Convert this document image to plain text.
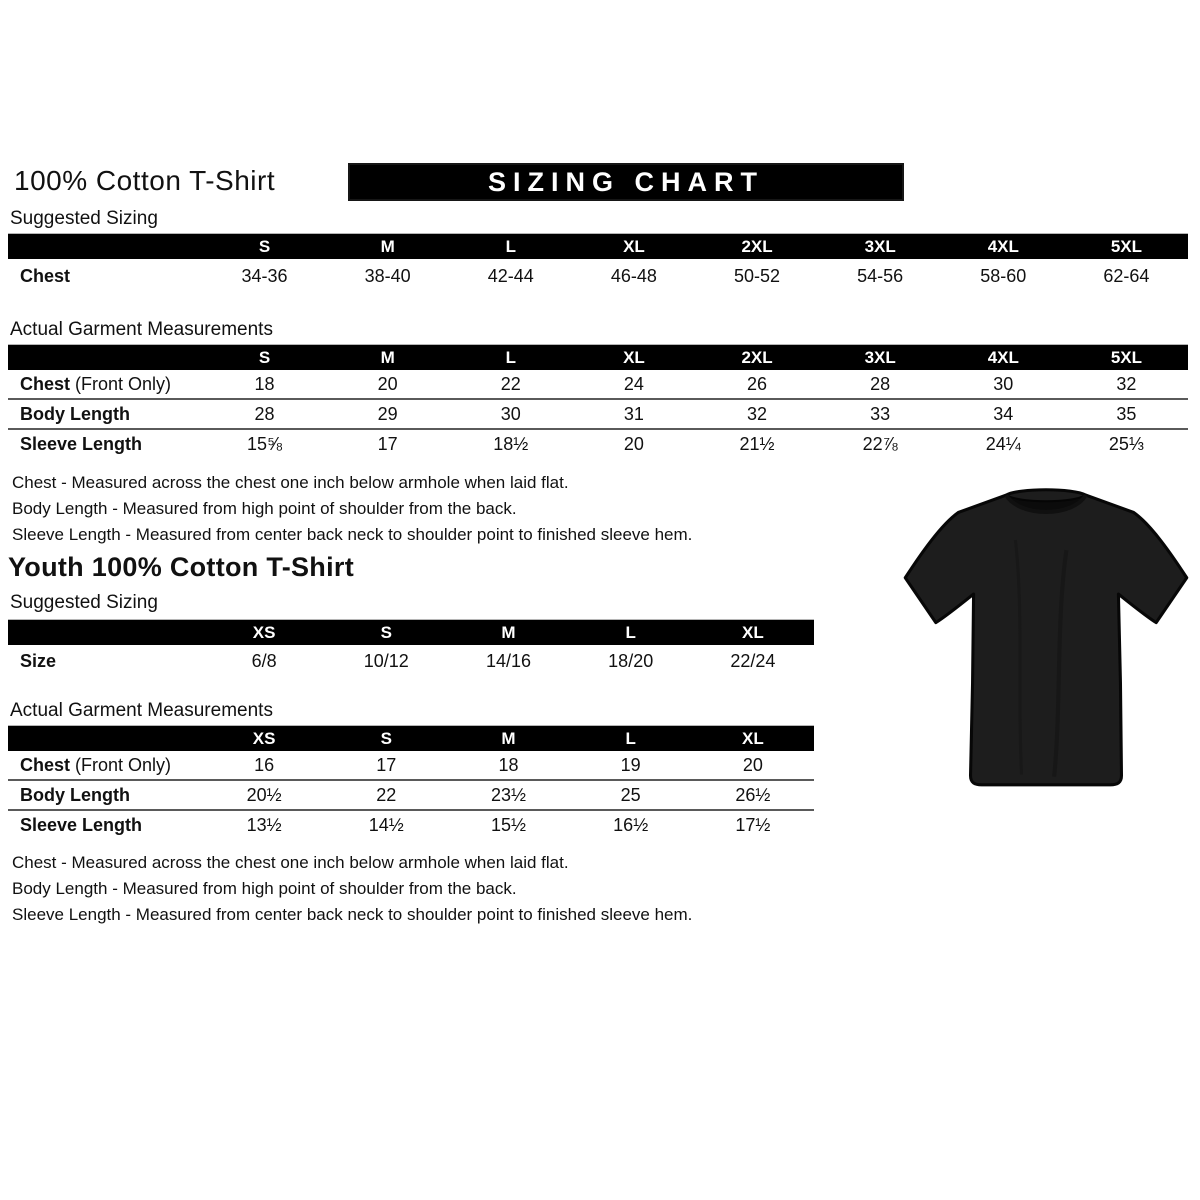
100% Cotton T-Shirt	SIZING CHART

Suggested Sizing

S	M	L	XL	2XL	3XL	4XL	5XL
Chest	34-36	38-40	42-44	46-48	50-52	54-56	58-60	62-64

Actual Garment Measurements

S	M	L	XL	2XL	3XL	4XL	5XL
Chest (Front Only)	18	20	22	24	26	28	30	32
Body Length	28	29	30	31	32	33	34	35
Sleeve Length	15⅝	17	18½	20	21½	22⅞	24¼	25⅓

Chest - Measured across the chest one inch below armhole when laid flat.

Body Length - Measured from high point of shoulder from the back.

Sleeve Length - Measured from center back neck to shoulder point to finished sleeve hem.

Youth 100% Cotton T-Shirt

Suggested Sizing

XS	S	M	L	XL
Size	6/8	10/12	14/16	18/20	22/24

Actual Garment Measurements

XS	S	M	L	XL
Chest (Front Only)	16	17	18	19	20
Body Length	20½	22	23½	25	26½
Sleeve Length	13½	14½	15½	16½	17½

Chest - Measured across the chest one inch below armhole when laid flat.

Body Length - Measured from high point of shoulder from the back.

Sleeve Length - Measured from center back neck to shoulder point to finished sleeve hem.
